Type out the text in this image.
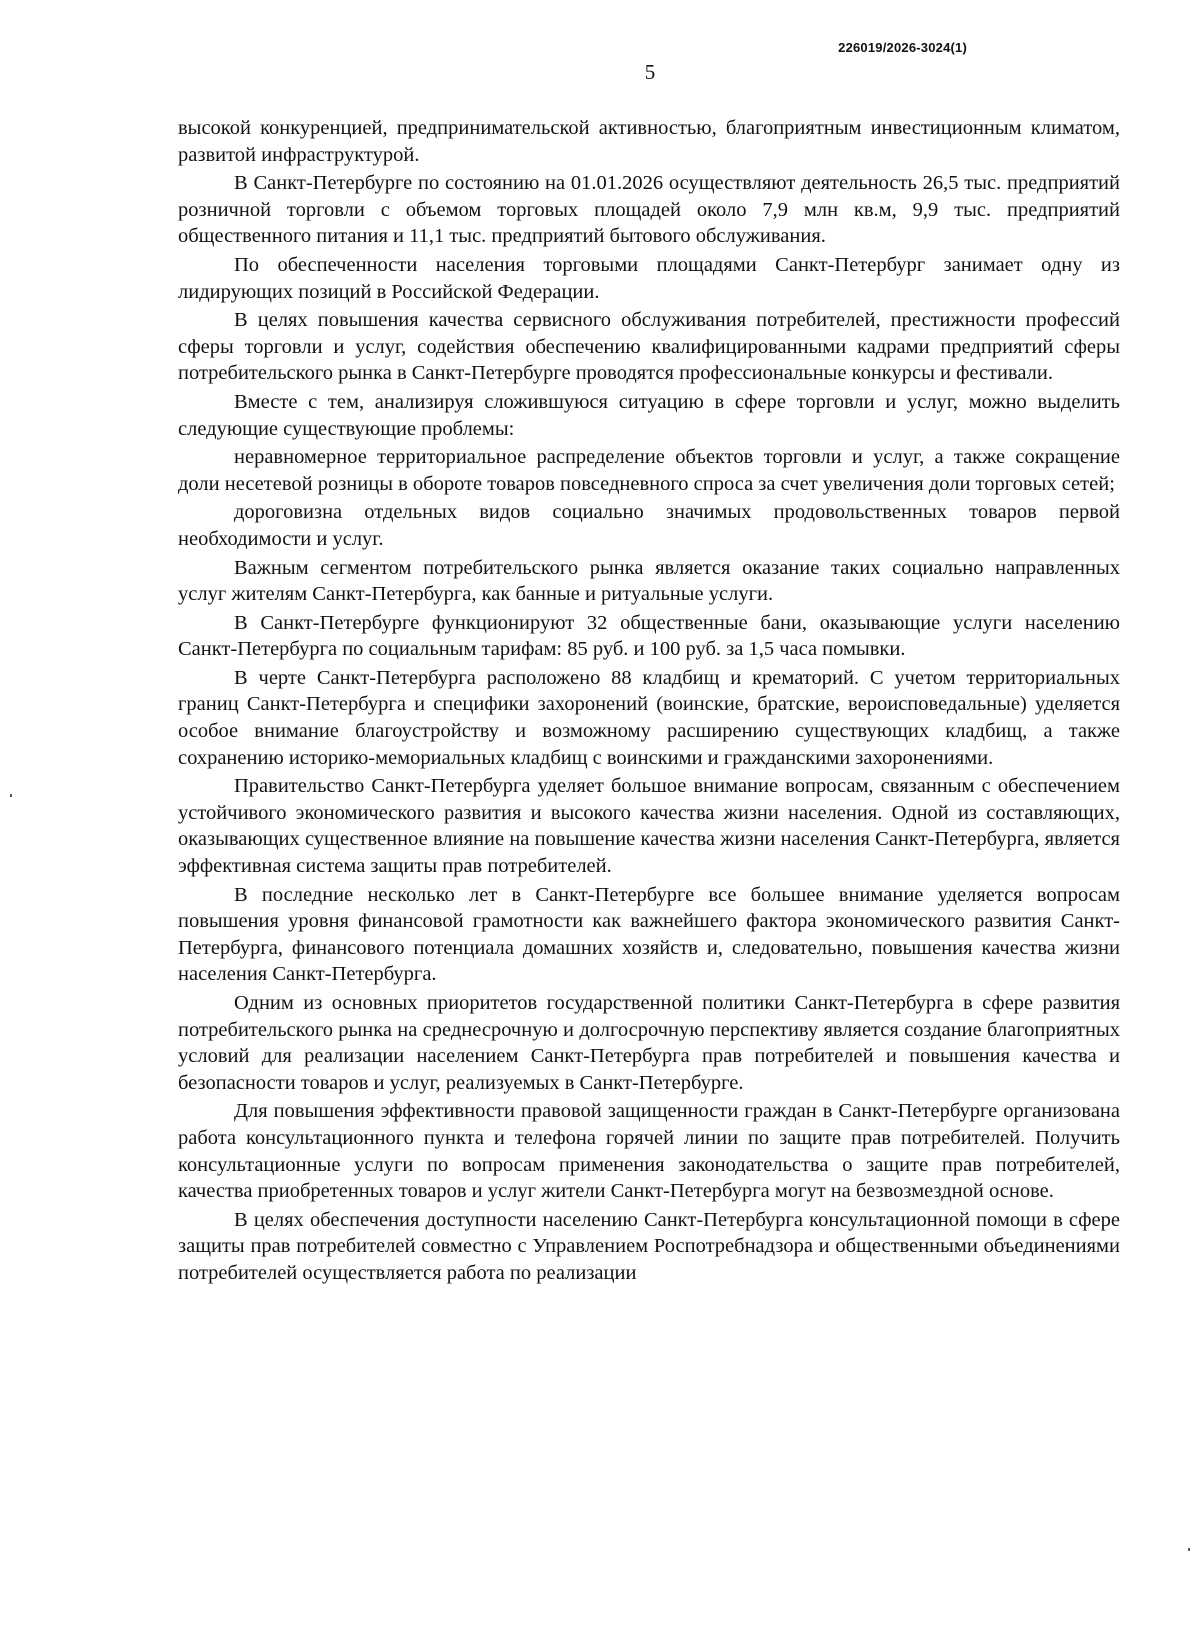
226019/2026-3024(1)
5

высокой конкуренцией, предпринимательской активностью, благоприятным инвестиционным климатом, развитой инфраструктурой.

В Санкт-Петербурге по состоянию на 01.01.2026 осуществляют деятельность 26,5 тыс. предприятий розничной торговли с объемом торговых площадей около 7,9 млн кв.м, 9,9 тыс. предприятий общественного питания и 11,1 тыс. предприятий бытового обслуживания.

По обеспеченности населения торговыми площадями Санкт-Петербург занимает одну из лидирующих позиций в Российской Федерации.

В целях повышения качества сервисного обслуживания потребителей, престижности профессий сферы торговли и услуг, содействия обеспечению квалифицированными кадрами предприятий сферы потребительского рынка в Санкт-Петербурге проводятся профессиональные конкурсы и фестивали.

Вместе с тем, анализируя сложившуюся ситуацию в сфере торговли и услуг, можно выделить следующие существующие проблемы:

неравномерное территориальное распределение объектов торговли и услуг, а также сокращение доли несетевой розницы в обороте товаров повседневного спроса за счет увеличения доли торговых сетей;

дороговизна отдельных видов социально значимых продовольственных товаров первой необходимости и услуг.

Важным сегментом потребительского рынка является оказание таких социально направленных услуг жителям Санкт-Петербурга, как банные и ритуальные услуги.

В Санкт-Петербурге функционируют 32 общественные бани, оказывающие услуги населению Санкт-Петербурга по социальным тарифам: 85 руб. и 100 руб. за 1,5 часа помывки.

В черте Санкт-Петербурга расположено 88 кладбищ и крематорий. С учетом территориальных границ Санкт-Петербурга и специфики захоронений (воинские, братские, вероисповедальные) уделяется особое внимание благоустройству и возможному расширению существующих кладбищ, а также сохранению историко-мемориальных кладбищ с воинскими и гражданскими захоронениями.

Правительство Санкт-Петербурга уделяет большое внимание вопросам, связанным с обеспечением устойчивого экономического развития и высокого качества жизни населения. Одной из составляющих, оказывающих существенное влияние на повышение качества жизни населения Санкт-Петербурга, является эффективная система защиты прав потребителей.

В последние несколько лет в Санкт-Петербурге все большее внимание уделяется вопросам повышения уровня финансовой грамотности как важнейшего фактора экономического развития Санкт-Петербурга, финансового потенциала домашних хозяйств и, следовательно, повышения качества жизни населения Санкт-Петербурга.

Одним из основных приоритетов государственной политики Санкт-Петербурга в сфере развития потребительского рынка на среднесрочную и долгосрочную перспективу является создание благоприятных условий для реализации населением Санкт-Петербурга прав потребителей и повышения качества и безопасности товаров и услуг, реализуемых в Санкт-Петербурге.

Для повышения эффективности правовой защищенности граждан в Санкт-Петербурге организована работа консультационного пункта и телефона горячей линии по защите прав потребителей. Получить консультационные услуги по вопросам применения законодательства о защите прав потребителей, качества приобретенных товаров и услуг жители Санкт-Петербурга могут на безвозмездной основе.

В целях обеспечения доступности населению Санкт-Петербурга консультационной помощи в сфере защиты прав потребителей совместно с Управлением Роспотребнадзора и общественными объединениями потребителей осуществляется работа по реализации
